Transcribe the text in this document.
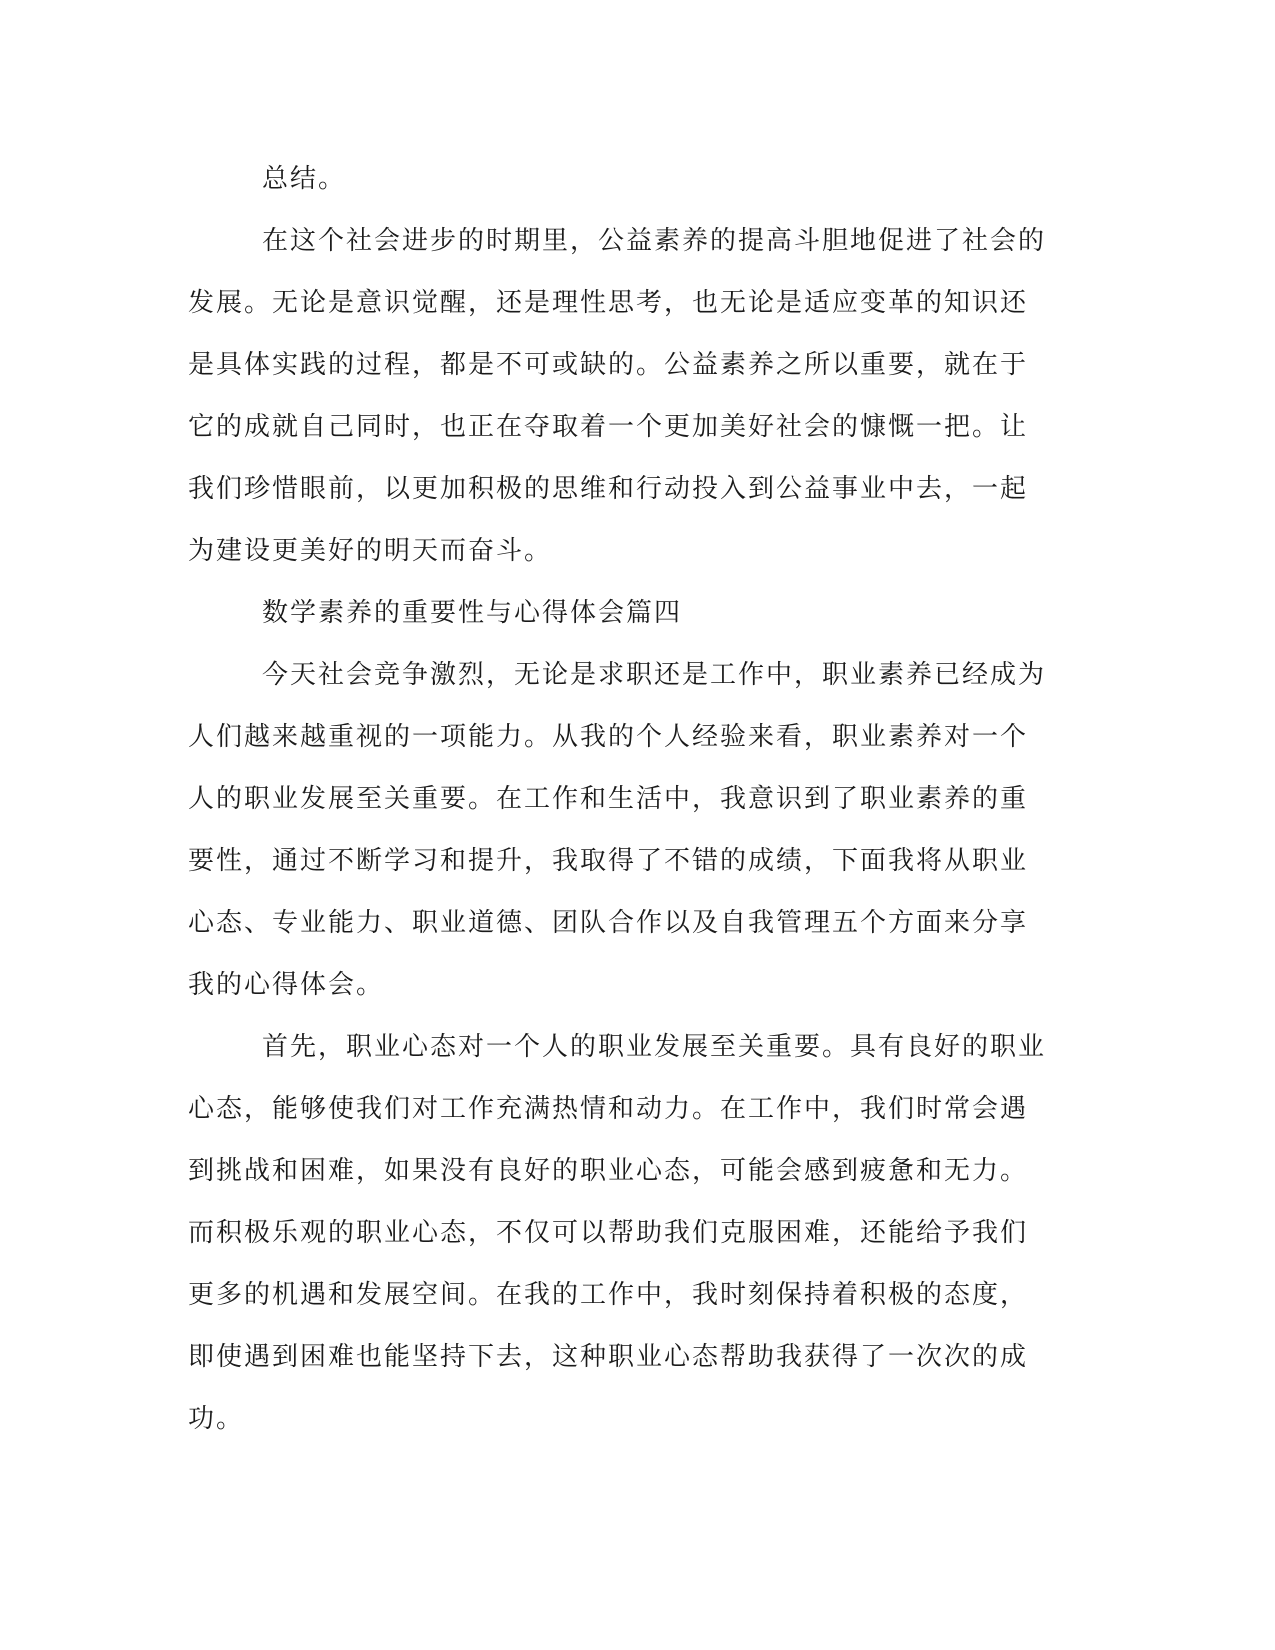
总结。
在这个社会进步的时期里，公益素养的提高斗胆地促进了社会的
发展。无论是意识觉醒，还是理性思考，也无论是适应变革的知识还
是具体实践的过程，都是不可或缺的。公益素养之所以重要，就在于
它的成就自己同时，也正在夺取着一个更加美好社会的慷慨一把。让
我们珍惜眼前，以更加积极的思维和行动投入到公益事业中去，一起
为建设更美好的明天而奋斗。
数学素养的重要性与心得体会篇四
今天社会竞争激烈，无论是求职还是工作中，职业素养已经成为
人们越来越重视的一项能力。从我的个人经验来看，职业素养对一个
人的职业发展至关重要。在工作和生活中，我意识到了职业素养的重
要性，通过不断学习和提升，我取得了不错的成绩，下面我将从职业
心态、专业能力、职业道德、团队合作以及自我管理五个方面来分享
我的心得体会。
首先，职业心态对一个人的职业发展至关重要。具有良好的职业
心态，能够使我们对工作充满热情和动力。在工作中，我们时常会遇
到挑战和困难，如果没有良好的职业心态，可能会感到疲惫和无力。
而积极乐观的职业心态，不仅可以帮助我们克服困难，还能给予我们
更多的机遇和发展空间。在我的工作中，我时刻保持着积极的态度，
即使遇到困难也能坚持下去，这种职业心态帮助我获得了一次次的成
功。
